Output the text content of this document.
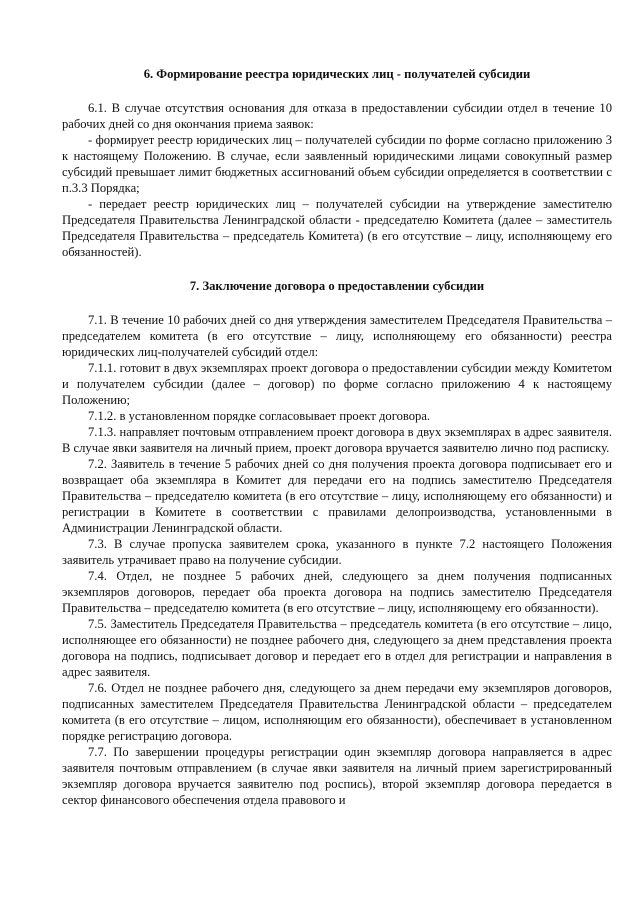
6. Формирование реестра юридических лиц - получателей субсидии

6.1. В случае отсутствия основания для отказа в предоставлении субсидии отдел в течение 10 рабочих дней со дня окончания приема заявок:

- формирует реестр юридических лиц – получателей субсидии по форме согласно приложению 3 к настоящему Положению. В случае, если заявленный юридическими лицами совокупный размер субсидий превышает лимит бюджетных ассигнований объем субсидии определяется в соответствии с п.3.3 Порядка;

- передает реестр юридических лиц – получателей субсидии на утверждение заместителю Председателя Правительства Ленинградской области - председателю Комитета (далее – заместитель Председателя Правительства – председатель Комитета) (в его отсутствие – лицу, исполняющему его обязанностей).

7. Заключение договора о предоставлении субсидии

7.1. В течение 10 рабочих дней со дня утверждения заместителем Председателя Правительства – председателем комитета (в его отсутствие – лицу, исполняющему его обязанности) реестра юридических лиц-получателей субсидий отдел:

7.1.1. готовит в двух экземплярах проект договора о предоставлении субсидии между Комитетом и получателем субсидии (далее – договор) по форме согласно приложению 4 к настоящему Положению;

7.1.2. в установленном порядке согласовывает проект договора.

7.1.3. направляет почтовым отправлением проект договора в двух экземплярах в адрес заявителя. В случае явки заявителя на личный прием, проект договора вручается заявителю лично под расписку.

7.2. Заявитель в течение 5 рабочих дней со дня получения проекта договора подписывает его и возвращает оба экземпляра в Комитет для передачи его на подпись заместителю Председателя Правительства – председателю комитета (в его отсутствие – лицу, исполняющему его обязанности) и регистрации в Комитете в соответствии с правилами делопроизводства, установленными в Администрации Ленинградской области.

7.3. В случае пропуска заявителем срока, указанного в пункте 7.2 настоящего Положения заявитель утрачивает право на получение субсидии.

7.4. Отдел, не позднее 5 рабочих дней, следующего за днем получения подписанных экземпляров договоров, передает оба проекта договора на подпись заместителю Председателя Правительства – председателю комитета (в его отсутствие – лицу, исполняющему его обязанности).

7.5. Заместитель Председателя Правительства – председатель комитета (в его отсутствие – лицо, исполняющее его обязанности) не позднее рабочего дня, следующего за днем представления проекта договора на подпись, подписывает договор и передает его в отдел для регистрации и направления в адрес заявителя.

7.6. Отдел не позднее рабочего дня, следующего за днем передачи ему экземпляров договоров, подписанных заместителем Председателя Правительства Ленинградской области – председателем комитета (в его отсутствие – лицом, исполняющим его обязанности), обеспечивает в установленном порядке регистрацию договора.

7.7. По завершении процедуры регистрации один экземпляр договора направляется в адрес заявителя почтовым отправлением (в случае явки заявителя на личный прием зарегистрированный экземпляр договора вручается заявителю под роспись), второй экземпляр договора передается в сектор финансового обеспечения отдела правового и
